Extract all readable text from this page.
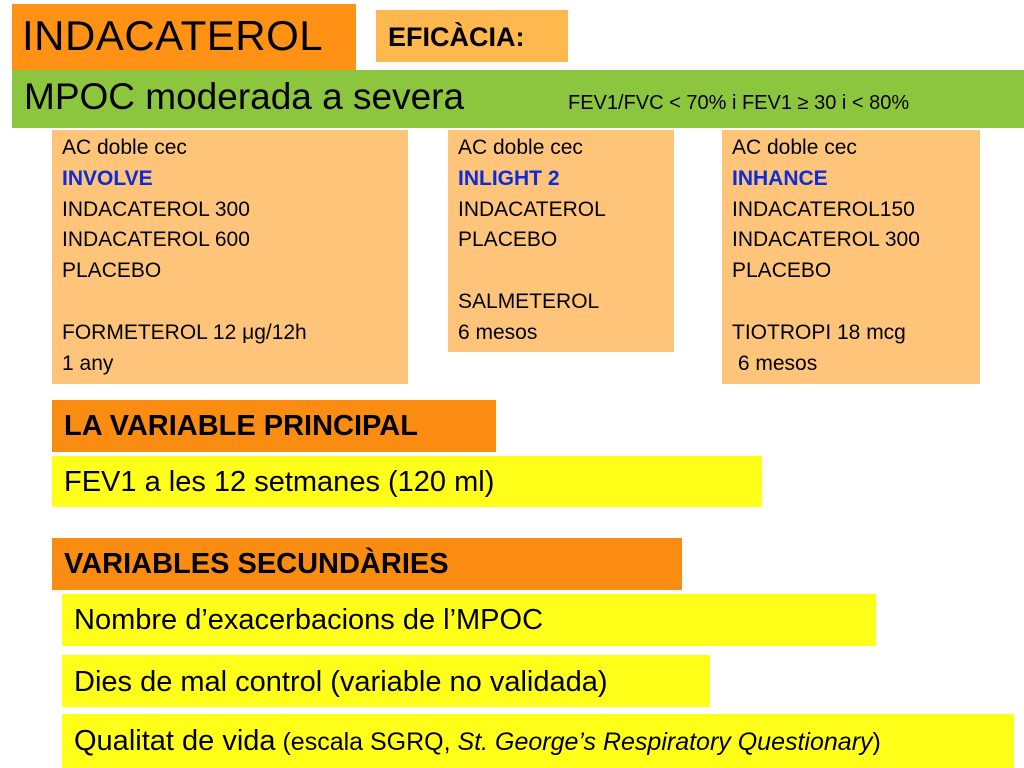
INDACATEROL EFICÀCIA:
MPOC moderada a severa	FEV1/FVC < 70% i FEV1 ≥ 30 i < 80%
AC doble cec
INVOLVE
INDACATEROL 300
INDACATEROL 600
PLACEBO
FORMETEROL 12 μg/12h
1 any
AC doble cec
INLIGHT 2
INDACATEROL
PLACEBO
SALMETEROL
6 mesos
AC doble cec
INHANCE
INDACATEROL150
INDACATEROL 300
PLACEBO
TIOTROPI 18 mcg
6 mesos
LA VARIABLE PRINCIPAL
FEV1 a les 12 setmanes (120 ml)
VARIABLES SECUNDÀRIES
Nombre d’exacerbacions de l’MPOC
Dies de mal control (variable no validada)
Qualitat de vida (escala SGRQ, St. George’s Respiratory Questionary)
